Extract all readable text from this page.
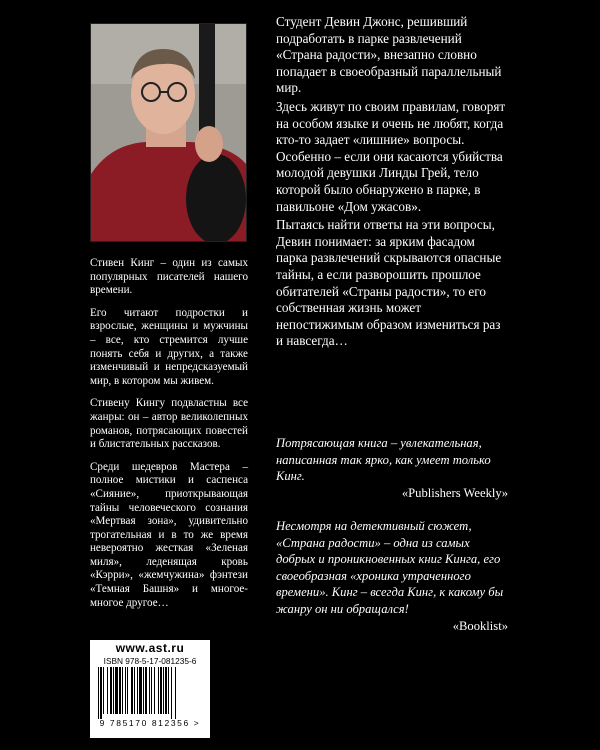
Стивен Кинг – один из самых популярных писателей нашего времени.

Его читают подростки и взрослые, женщины и мужчины – все, кто стремится лучше понять себя и других, а также изменчивый и непредсказуемый мир, в котором мы живем.

Стивену Кингу подвластны все жанры: он – автор великолепных романов, потрясающих повестей и блистательных рассказов.

Среди шедевров Мастера – полное мистики и саспенса «Сияние», приоткрывающая тайны человеческого сознания «Мертвая зона», удивительно трогательная и в то же время невероятно жесткая «Зеленая миля», леденящая кровь «Кэрри», «жемчужина» фэнтези «Темная Башня» и многое-многое другое…

Студент Девин Джонс, решивший подработать в парке развлечений «Страна радости», внезапно словно попадает в своеобразный параллельный мир.

Здесь живут по своим правилам, говорят на особом языке и очень не любят, когда кто-то задает «лишние» вопросы. Особенно – если они касаются убийства молодой девушки Линды Грей, тело которой было обнаружено в парке, в павильоне «Дом ужасов».

Пытаясь найти ответы на эти вопросы, Девин понимает: за ярким фасадом парка развлечений скрываются опасные тайны, а если разворошить прошлое обитателей «Страны радости», то его собственная жизнь может непостижимым образом измениться раз и навсегда…

Потрясающая книга – увлекательная, написанная так ярко, как умеет только Кинг.
«Publishers Weekly»
Несмотря на детективный сюжет, «Страна радости» – одна из самых добрых и проникновенных книг Кинга, его своеобразная «хроника утраченного времени». Кинг – всегда Кинг, к какому бы жанру он ни обращался!
«Booklist»
www.ast.ru
ISBN 978-5-17-081235-6
9 785170 812356 >
